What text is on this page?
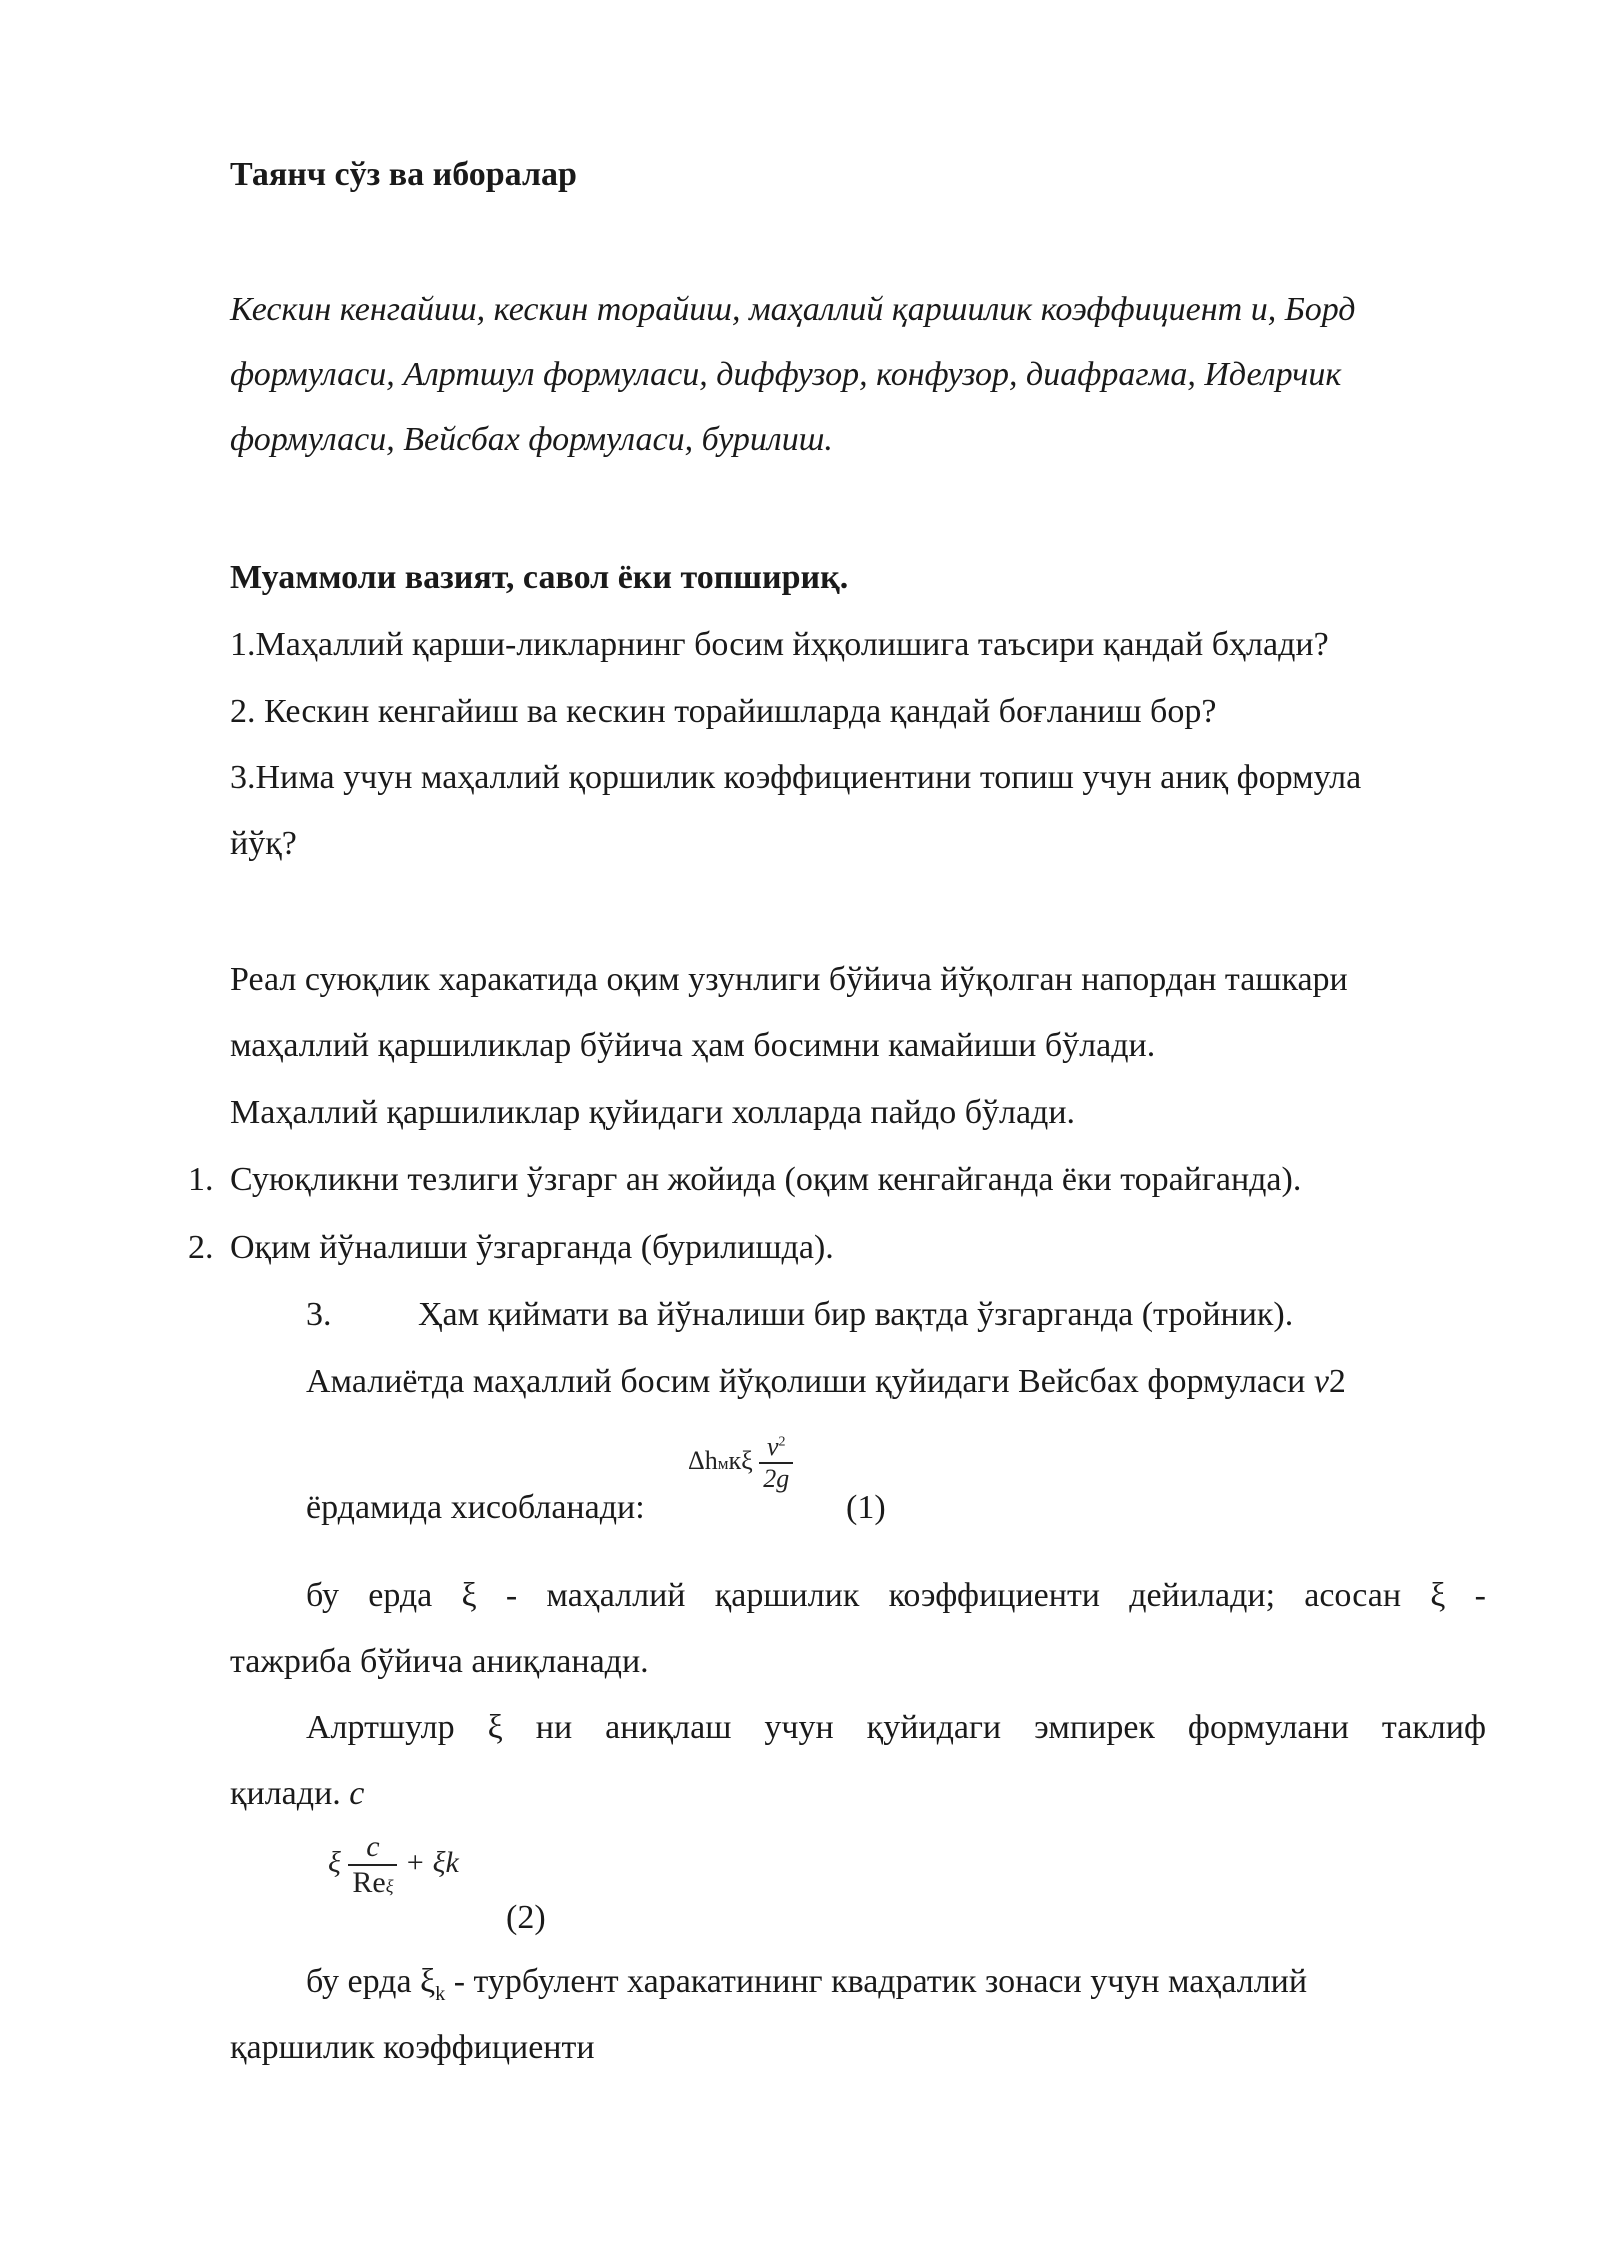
Таянч сўз ва иборалар
Кескин кенгайиш, кескин торайиш, маҳаллий қаршилик коэффициент и, Борд
формуласи, Алртшул формуласи, диффузор, конфузор, диафрагма, Иделрчик
формуласи, Вейсбах формуласи, бурилиш.
Муаммоли вазият, савол ёки топшириқ.
1.Маҳаллий қарши-ликларнинг босим йҳқолишига таъсири қандай бҳлади?
2. Кескин кенгайиш ва кескин торайишларда қандай боғланиш бор?
3.Нима учун маҳаллий қоршилик коэффициентини топиш учун аниқ формула
йўқ?
Реал суюқлик харакатида оқим узунлиги бўйича йўқолган напордан ташкари
маҳаллий қаршиликлар бўйича ҳам босимни камайиши бўлади.
Маҳаллий қаршиликлар қуйидаги холларда пайдо бўлади.
1. Суюқликни тезлиги ўзгарг ан жойида (оқим кенгайганда ёки торайганда).
2. Оқим йўналиши ўзгарганда (бурилишда).
3.	Ҳам қиймати ва йўналиши бир вақтда ўзгарганда (тройник).
Амалиётда маҳаллий босим йўқолиши қуйидаги Вейсбах формуласи v2
ёрдамида хисобланади:
Δhмкξ $\frac{v^2}{2g}$
(1)
бу ерда ξ - маҳаллий қаршилик коэффициенти дейилади; асосан ξ -
тажриба бўйича аниқланади.
Алртшулр ξ ни аниқлаш учун қуйидаги эмпирек формулани таклиф
қилади. c
ξ $\frac{c}{\text{Reξ}} + \xi k$
(2)
бу ерда $\xi_k$ - турбулент харакатининг квадратик зонаси учун маҳаллий
қаршилик коэффициенти
